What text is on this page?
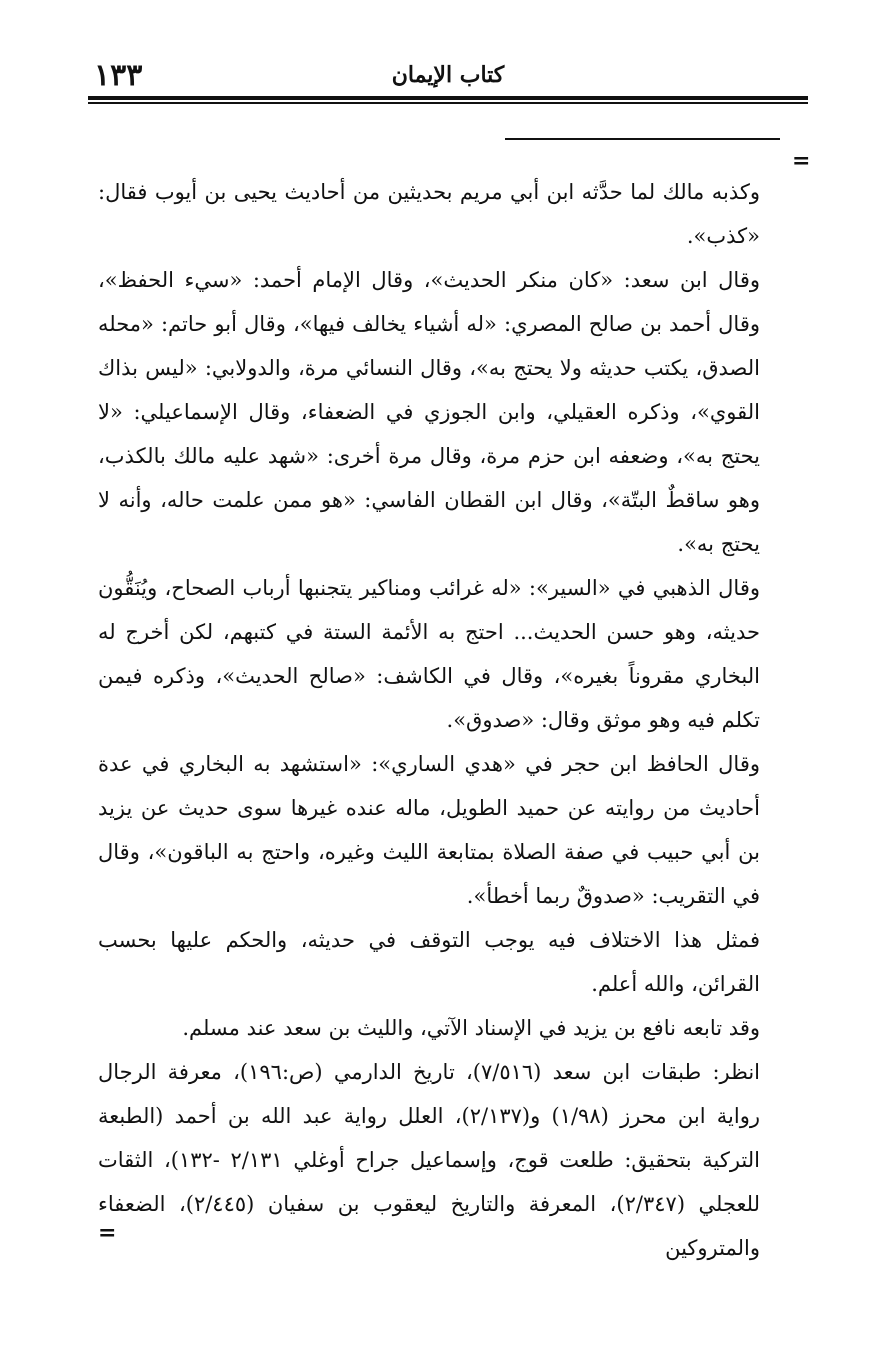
١٣٣	كتاب الإيمان
=

وكذبه مالك لما حدَّثه ابن أبي مريم بحديثين من أحاديث يحيى بن أيوب فقال: «كذب».

وقال ابن سعد: «كان منكر الحديث»، وقال الإمام أحمد: «سيء الحفظ»، وقال أحمد بن صالح المصري: «له أشياء يخالف فيها»، وقال أبو حاتم: «محله الصدق، يكتب حديثه ولا يحتج به»، وقال النسائي مرة، والدولابي: «ليس بذاك القوي»، وذكره العقيلي، وابن الجوزي في الضعفاء، وقال الإسماعيلي: «لا يحتج به»، وضعفه ابن حزم مرة، وقال مرة أخرى: «شهد عليه مالك بالكذب، وهو ساقطٌ البتّة»، وقال ابن القطان الفاسي: «هو ممن علمت حاله، وأنه لا يحتج به».

وقال الذهبي في «السير»: «له غرائب ومناكير يتجنبها أرباب الصحاح، ويُنَقُّون حديثه، وهو حسن الحديث... احتج به الأئمة الستة في كتبهم، لكن أخرج له البخاري مقروناً بغيره»، وقال في الكاشف: «صالح الحديث»، وذكره فيمن تكلم فيه وهو موثق وقال: «صدوق».

وقال الحافظ ابن حجر في «هدي الساري»: «استشهد به البخاري في عدة أحاديث من روايته عن حميد الطويل، ماله عنده غيرها سوى حديث عن يزيد بن أبي حبيب في صفة الصلاة بمتابعة الليث وغيره، واحتج به الباقون»، وقال في التقريب: «صدوقٌ ربما أخطأ».

فمثل هذا الاختلاف فيه يوجب التوقف في حديثه، والحكم عليها بحسب القرائن، والله أعلم.

وقد تابعه نافع بن يزيد في الإسناد الآتي، والليث بن سعد عند مسلم.

انظر: طبقات ابن سعد (٧/٥١٦)، تاريخ الدارمي (ص:١٩٦)، معرفة الرجال رواية ابن محرز (١/٩٨) و(٢/١٣٧)، العلل رواية عبد الله بن أحمد (الطبعة التركية بتحقيق: طلعت قوج، وإسماعيل جراح أوغلي ٢/١٣١ -١٣٢)، الثقات للعجلي (٢/٣٤٧)، المعرفة والتاريخ ليعقوب بن سفيان (٢/٤٤٥)، الضعفاء والمتروكين

=
